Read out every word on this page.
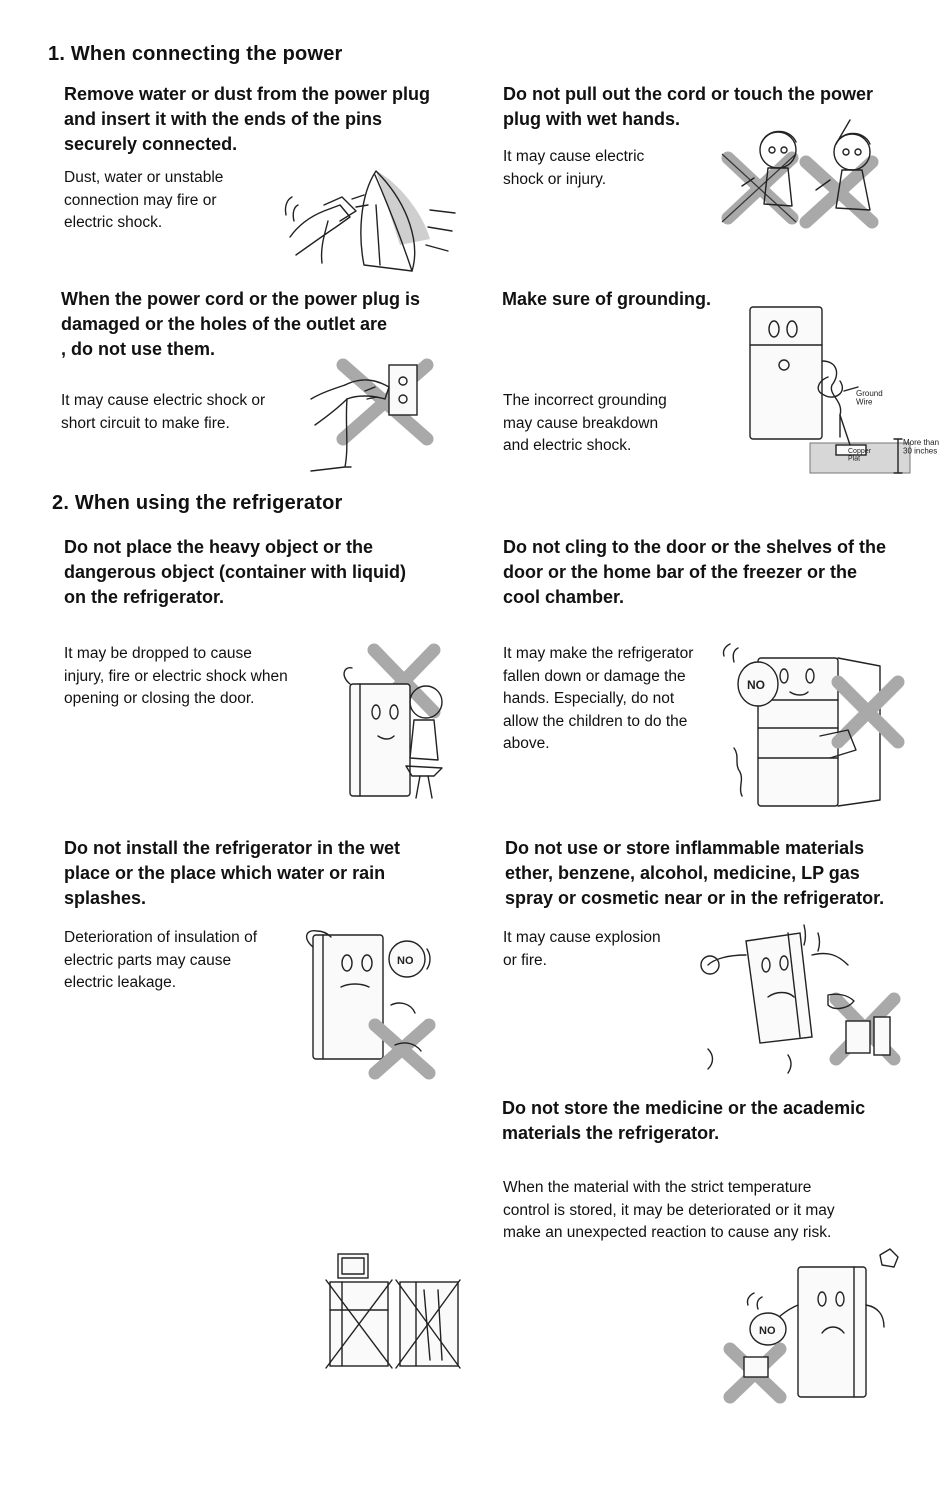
1. When connecting the power
Remove water or dust from the power plug
and insert it with the ends of the pins
securely connected.
Dust, water or unstable
connection may fire or
electric shock.
Do not pull out the cord or touch the power
plug with wet hands.
It may cause electric
shock or injury.
When the power cord or the power plug is
damaged or the holes of the outlet are
, do not use them.
It may cause electric shock or
short circuit to make fire.
Make sure of grounding.
The incorrect grounding
may cause breakdown
and electric shock.
Ground Wire
Copper Plat
More than 30 inches
2. When using the refrigerator
Do not place the heavy object or the
dangerous object (container with liquid)
on the refrigerator.
It may be dropped to cause
injury, fire or electric shock when
opening or closing the door.
Do not cling to the door or the shelves of the
door or the home bar of the freezer or the
cool chamber.
It may make the refrigerator
fallen down or damage the
hands. Especially, do not
allow the children to do the
above.
NO
Do not install the refrigerator in the wet
place or the place which water or rain
splashes.
Deterioration of insulation of
electric parts may cause
electric leakage.
NO
Do not use or store inflammable materials
ether, benzene, alcohol, medicine, LP gas
spray or cosmetic near or in the refrigerator.
It may cause explosion
or fire.
Do not store the medicine or the academic
materials the refrigerator.
When the material with the strict temperature
control is stored, it may be deteriorated or it may
make an unexpected reaction to cause any risk.
NO
